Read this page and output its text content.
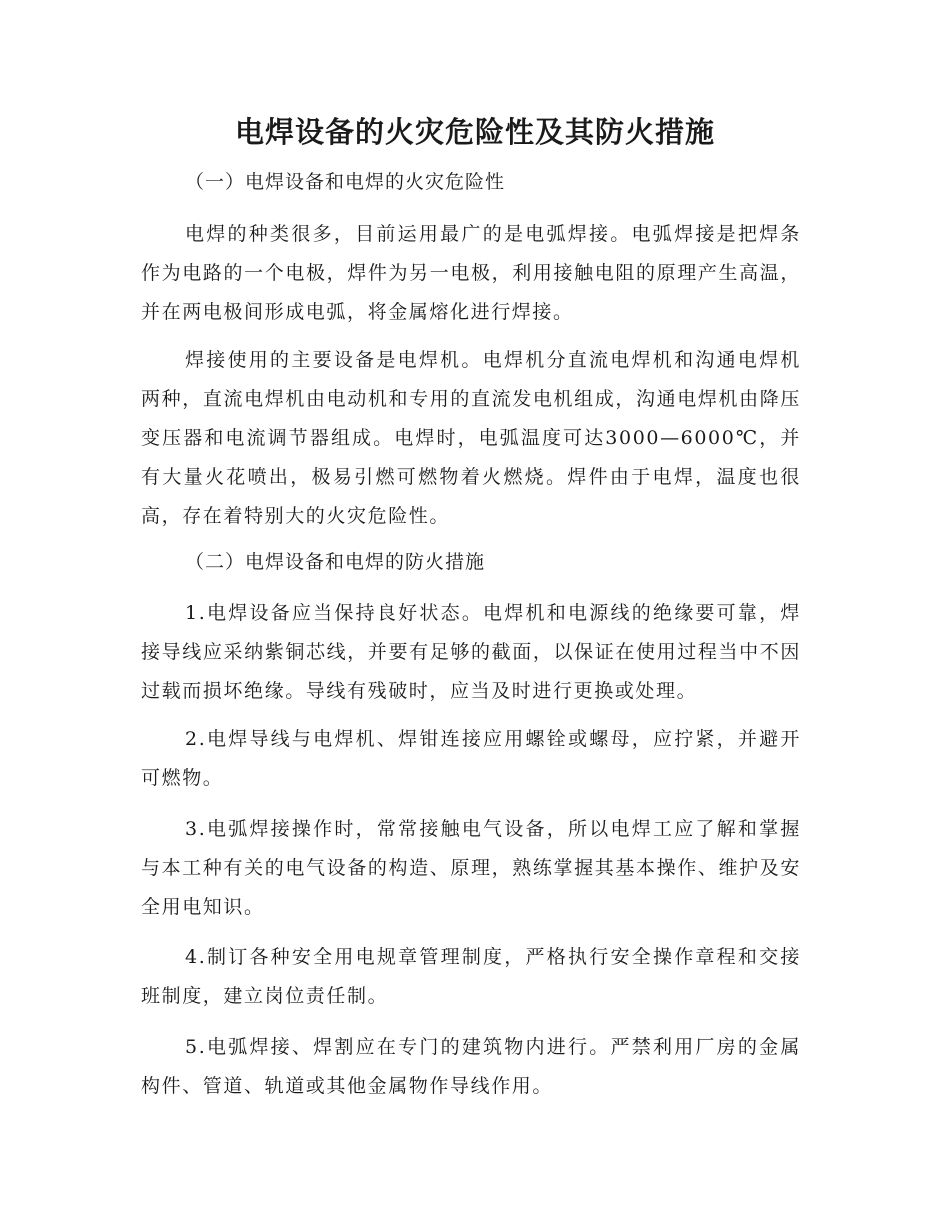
电焊设备的火灾危险性及其防火措施

（一）电焊设备和电焊的火灾危险性

电焊的种类很多，目前运用最广的是电弧焊接。电弧焊接是把焊条作为电路的一个电极，焊件为另一电极，利用接触电阻的原理产生高温，并在两电极间形成电弧，将金属熔化进行焊接。

焊接使用的主要设备是电焊机。电焊机分直流电焊机和沟通电焊机两种，直流电焊机由电动机和专用的直流发电机组成，沟通电焊机由降压变压器和电流调节器组成。电焊时，电弧温度可达3000—6000℃，并有大量火花喷出，极易引燃可燃物着火燃烧。焊件由于电焊，温度也很高，存在着特别大的火灾危险性。

（二）电焊设备和电焊的防火措施

1.电焊设备应当保持良好状态。电焊机和电源线的绝缘要可靠，焊接导线应采纳紫铜芯线，并要有足够的截面，以保证在使用过程当中不因过载而损坏绝缘。导线有残破时，应当及时进行更换或处理。

2.电焊导线与电焊机、焊钳连接应用螺铨或螺母，应拧紧，并避开可燃物。

3.电弧焊接操作时，常常接触电气设备，所以电焊工应了解和掌握与本工种有关的电气设备的构造、原理，熟练掌握其基本操作、维护及安全用电知识。

4.制订各种安全用电规章管理制度，严格执行安全操作章程和交接班制度，建立岗位责任制。

5.电弧焊接、焊割应在专门的建筑物内进行。严禁利用厂房的金属构件、管道、轨道或其他金属物作导线作用。
